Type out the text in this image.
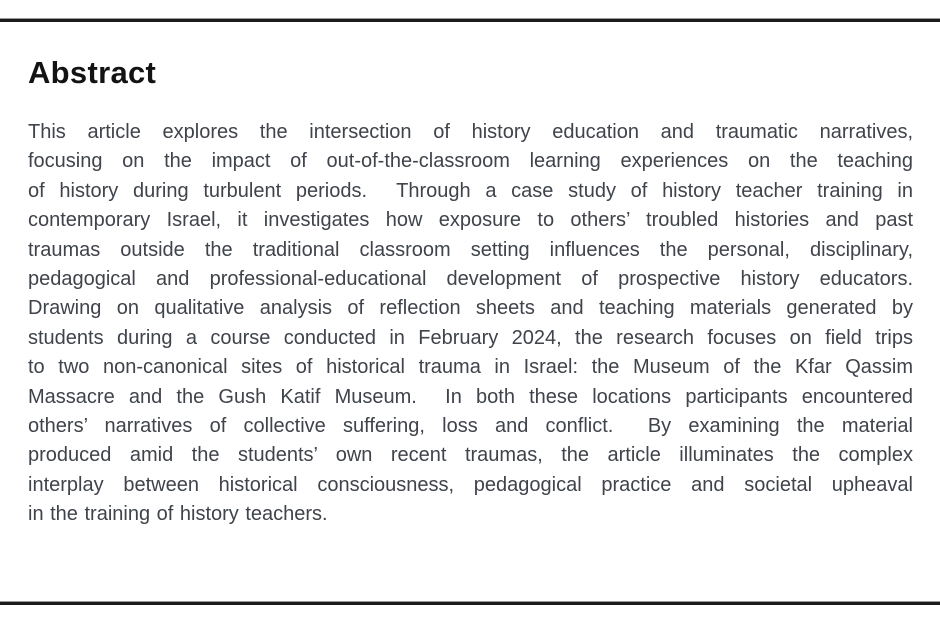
Abstract
This article explores the intersection of history education and traumatic narratives,
focusing on the impact of out-of-the-classroom learning experiences on the teaching
of history during turbulent periods.  Through a case study of history teacher training in
contemporary Israel, it investigates how exposure to others’ troubled histories and past
traumas outside the traditional classroom setting influences the personal, disciplinary,
pedagogical and professional-educational development of prospective history educators.
Drawing on qualitative analysis of reflection sheets and teaching materials generated by
students during a course conducted in February 2024, the research focuses on field trips
to two non-canonical sites of historical trauma in Israel: the Museum of the Kfar Qassim
Massacre and the Gush Katif Museum.  In both these locations participants encountered
others’ narratives of collective suffering, loss and conflict.  By examining the material
produced amid the students’ own recent traumas, the article illuminates the complex
interplay between historical consciousness, pedagogical practice and societal upheaval
in the training of history teachers.
